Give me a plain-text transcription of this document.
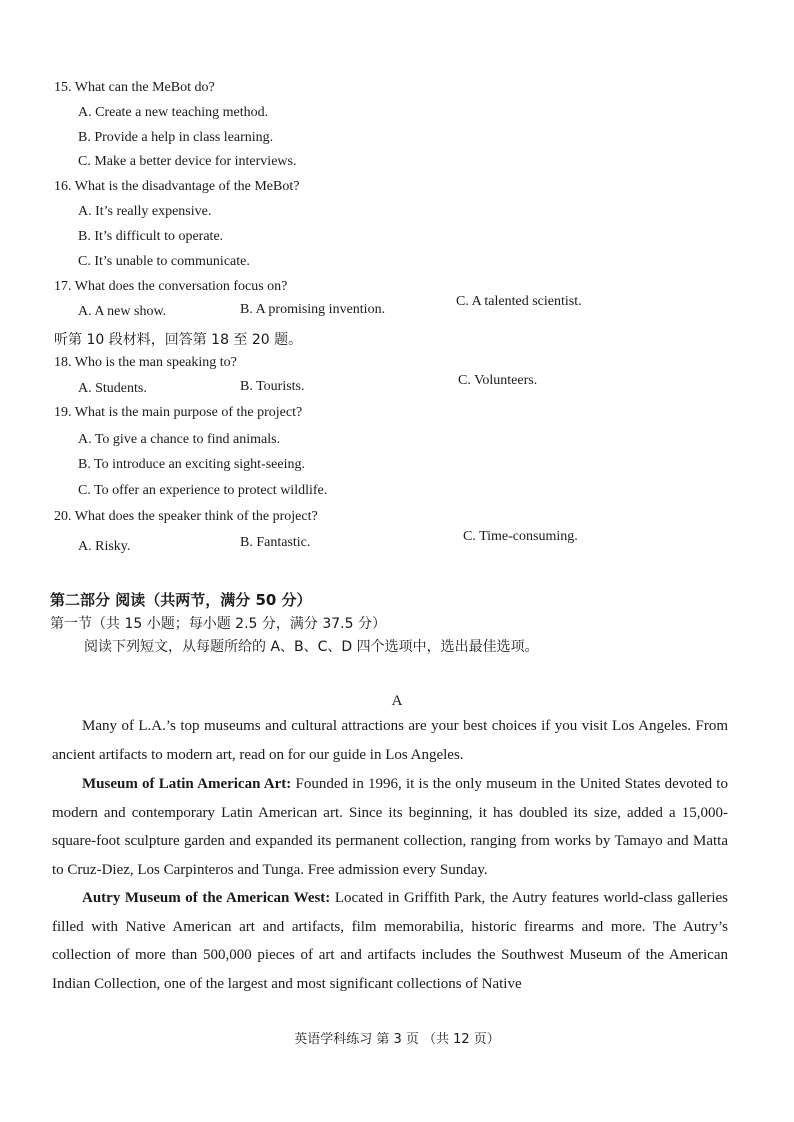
15. What can the MeBot do?
A. Create a new teaching method.
B. Provide a help in class learning.
C. Make a better device for interviews.
16. What is the disadvantage of the MeBot?
A. It’s really expensive.
B. It’s difficult to operate.
C. It’s unable to communicate.
17. What does the conversation focus on?
A. A new show.	B. A promising invention.
C. A talented scientist.
听第 10 段材料，回答第 18 至 20 题。
18. Who is the man speaking to?
A. Students.	B. Tourists.	C. Volunteers.
19. What is the main purpose of the project?
A. To give a chance to find animals.
B. To introduce an exciting sight-seeing.
C. To offer an experience to protect wildlife.
20. What does the speaker think of the project?
A. Risky.	B. Fantastic.	C. Time-consuming.
第二部分 阅读（共两节，满分 50 分）
第一节（共 15 小题；每小题 2.5 分，满分 37.5 分）
阅读下列短文，从每题所给的 A、B、C、D 四个选项中，选出最佳选项。
A
Many of L.A.’s top museums and cultural attractions are your best choices if you visit Los Angeles. From ancient artifacts to modern art, read on for our guide in Los Angeles.
Museum of Latin American Art: Founded in 1996, it is the only museum in the United States devoted to modern and contemporary Latin American art. Since its beginning, it has doubled its size, added a 15,000-square-foot sculpture garden and expanded its permanent collection, ranging from works by Tamayo and Matta to Cruz-Diez, Los Carpinteros and Tunga. Free admission every Sunday.
Autry Museum of the American West: Located in Griffith Park, the Autry features world-class galleries filled with Native American art and artifacts, film memorabilia, historic firearms and more. The Autry’s collection of more than 500,000 pieces of art and artifacts includes the Southwest Museum of the American Indian Collection, one of the largest and most significant collections of Native
英语学科练习 第 3 页 （共 12 页）
